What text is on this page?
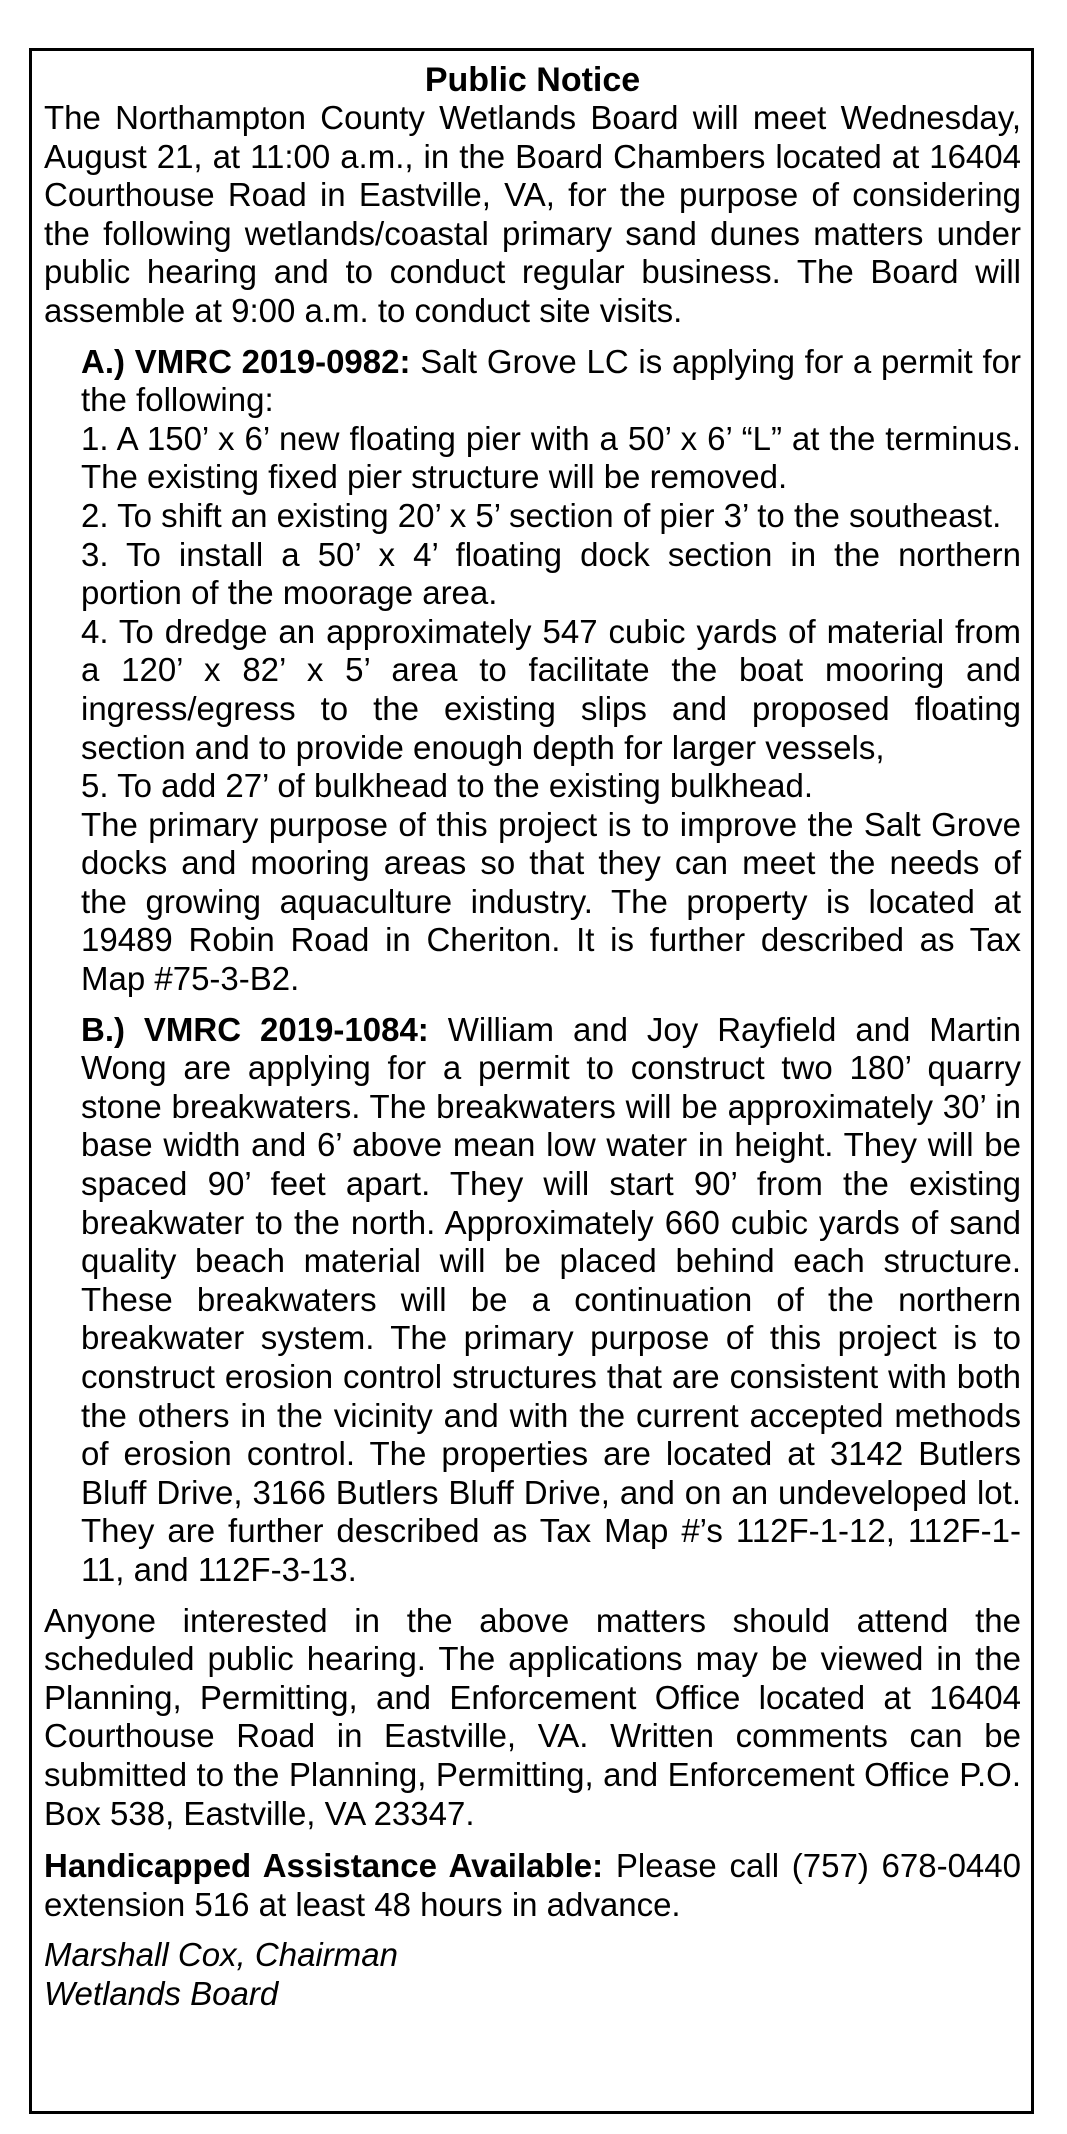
Public Notice

The Northampton County Wetlands Board will meet Wednesday, August 21, at 11:00 a.m., in the Board Chambers located at 16404 Courthouse Road in Eastville, VA, for the purpose of considering the following wetlands/coastal primary sand dunes matters under public hearing and to conduct regular business. The Board will assemble at 9:00 a.m. to conduct site visits.

A.) VMRC 2019-0982: Salt Grove LC is applying for a permit for the following:

1. A 150’ x 6’ new floating pier with a 50’ x 6’ “L” at the terminus. The existing fixed pier structure will be removed.

2. To shift an existing 20’ x 5’ section of pier 3’ to the southeast.

3. To install a 50’ x 4’ floating dock section in the northern portion of the moorage area.

4. To dredge an approximately 547 cubic yards of material from a 120’ x 82’ x 5’ area to facilitate the boat mooring and ingress/egress to the existing slips and proposed floating section and to provide enough depth for larger vessels,

5. To add 27’ of bulkhead to the existing bulkhead.

The primary purpose of this project is to improve the Salt Grove docks and mooring areas so that they can meet the needs of the growing aquaculture industry. The property is located at 19489 Robin Road in Cheriton. It is further described as Tax Map #75-3-B2.

B.) VMRC 2019-1084: William and Joy Rayfield and Martin Wong are applying for a permit to construct two 180’ quarry stone breakwaters. The breakwaters will be approximately 30’ in base width and 6’ above mean low water in height. They will be spaced 90’ feet apart. They will start 90’ from the existing breakwater to the north. Approximately 660 cubic yards of sand quality beach material will be placed behind each structure. These breakwaters will be a continuation of the northern breakwater system. The primary purpose of this project is to construct erosion control structures that are consistent with both the others in the vicinity and with the current accepted methods of erosion control. The properties are located at 3142 Butlers Bluff Drive, 3166 Butlers Bluff Drive, and on an undeveloped lot. They are further described as Tax Map #’s 112F-1-12, 112F-1-11, and 112F-3-13.

Anyone interested in the above matters should attend the scheduled public hearing. The applications may be viewed in the Planning, Permitting, and Enforcement Office located at 16404 Courthouse Road in Eastville, VA. Written comments can be submitted to the Planning, Permitting, and Enforcement Office P.O. Box 538, Eastville, VA 23347.

Handicapped Assistance Available: Please call (757) 678-0440 extension 516 at least 48 hours in advance.

Marshall Cox, Chairman

Wetlands Board
